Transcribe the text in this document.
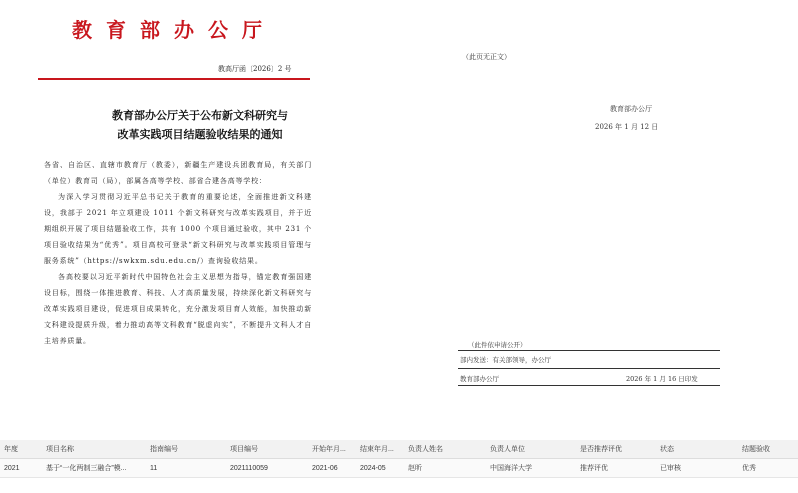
教育部办公厅
教高厅函〔2026〕2 号
教育部办公厅关于公布新文科研究与
改革实践项目结题验收结果的通知

各省、自治区、直辖市教育厅（教委），新疆生产建设兵团教育局，有关部门（单位）教育司（局），部属各高等学校、部省合建各高等学校：

为深入学习贯彻习近平总书记关于教育的重要论述，全面推进新文科建设，我部于 2021 年立项建设 1011 个新文科研究与改革实践项目，并于近期组织开展了项目结题验收工作，共有 1000 个项目通过验收，其中 231 个项目验收结果为“优秀”。项目高校可登录“新文科研究与改革实践项目管理与服务系统”（https://swkxm.sdu.edu.cn/）查询验收结果。

各高校要以习近平新时代中国特色社会主义思想为指导，锚定教育强国建设目标，围绕一体推进教育、科技、人才高质量发展，持续深化新文科研究与改革实践项目建设，促进项目成果转化，充分激发项目育人效能，加快推动新文科建设提质升级，着力推动高等文科教育“脱虚向实”，不断提升文科人才自主培养质量。

（此页无正文）
教育部办公厅
2026 年 1 月 12 日
（此件依申请公开）
部内发送：有关部领导，办公厅
教育部办公厅	2026 年 1 月 16 日印发
年度	项目名称	指南编号	项目编号	开始年月...	结束年月...	负责人姓名	负责人单位	是否推荐评优	状态	结题验收
2021	基于“一化两制三融合”模...	11	2021110059	2021-06	2024-05	赵昕	中国海洋大学	推荐评优	已审核	优秀
